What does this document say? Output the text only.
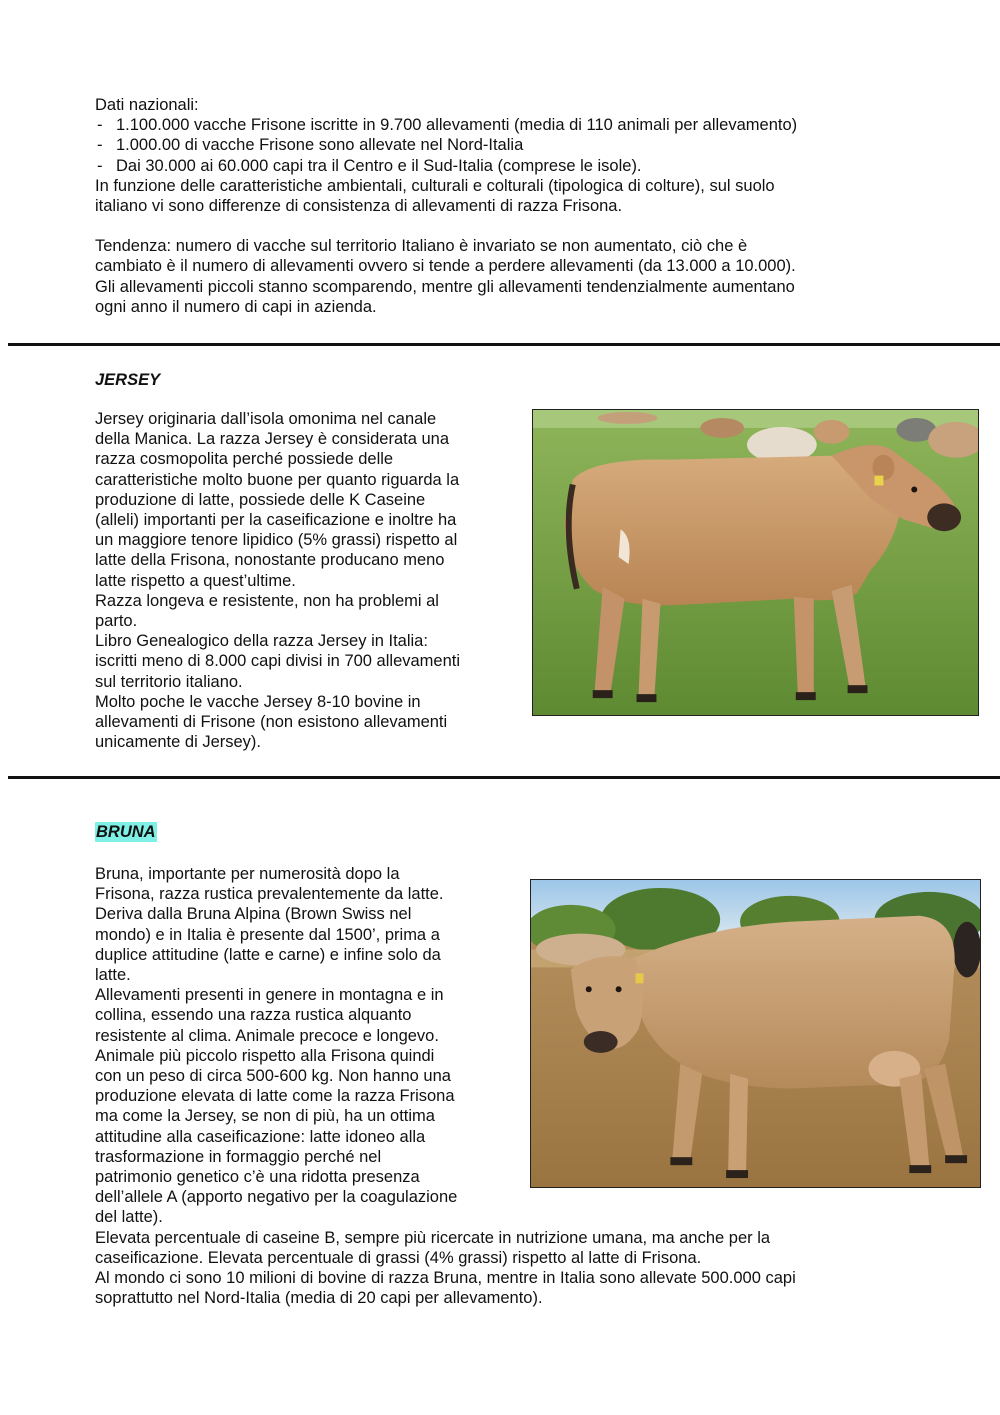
Dati nazionali:
- 1.100.000 vacche Frisone iscritte in 9.700 allevamenti (media di 110 animali per allevamento)
- 1.000.00 di vacche Frisone sono allevate nel Nord-Italia
- Dai 30.000 ai 60.000 capi tra il Centro e il Sud-Italia (comprese le isole).
In funzione delle caratteristiche ambientali, culturali e colturali (tipologica di colture), sul suolo
italiano vi sono differenze di consistenza di allevamenti di razza Frisona.
Tendenza: numero di vacche sul territorio Italiano è invariato se non aumentato, ciò che è
cambiato è il numero di allevamenti ovvero si tende a perdere allevamenti (da 13.000 a 10.000).
Gli allevamenti piccoli stanno scomparendo, mentre gli allevamenti tendenzialmente aumentano
ogni anno il numero di capi in azienda.
JERSEY
Jersey originaria dall’isola omonima nel canale
della Manica. La razza Jersey è considerata una
razza cosmopolita perché possiede delle
caratteristiche molto buone per quanto riguarda la
produzione di latte, possiede delle K Caseine
(alleli) importanti per la caseificazione e inoltre ha
un maggiore tenore lipidico (5% grassi) rispetto al
latte della Frisona, nonostante producano meno
latte rispetto a quest’ultime.
Razza longeva e resistente, non ha problemi al
parto.
Libro Genealogico della razza Jersey in Italia:
iscritti meno di 8.000 capi divisi in 700 allevamenti
sul territorio italiano.
Molto poche le vacche Jersey 8-10 bovine in
allevamenti di Frisone (non esistono allevamenti
unicamente di Jersey).
BRUNA
Bruna, importante per numerosità dopo la
Frisona, razza rustica prevalentemente da latte.
Deriva dalla Bruna Alpina (Brown Swiss nel
mondo) e in Italia è presente dal 1500’, prima a
duplice attitudine (latte e carne) e infine solo da
latte.
Allevamenti presenti in genere in montagna e in
collina, essendo una razza rustica alquanto
resistente al clima. Animale precoce e longevo.
Animale più piccolo rispetto alla Frisona quindi
con un peso di circa 500-600 kg. Non hanno una
produzione elevata di latte come la razza Frisona
ma come la Jersey, se non di più, ha un ottima
attitudine alla caseificazione: latte idoneo alla
trasformazione in formaggio perché nel
patrimonio genetico c’è una ridotta presenza
dell’allele A (apporto negativo per la coagulazione
del latte).
Elevata percentuale di caseine B, sempre più ricercate in nutrizione umana, ma anche per la
caseificazione. Elevata percentuale di grassi (4% grassi) rispetto al latte di Frisona.
Al mondo ci sono 10 milioni di bovine di razza Bruna, mentre in Italia sono allevate 500.000 capi
soprattutto nel Nord-Italia (media di 20 capi per allevamento).
